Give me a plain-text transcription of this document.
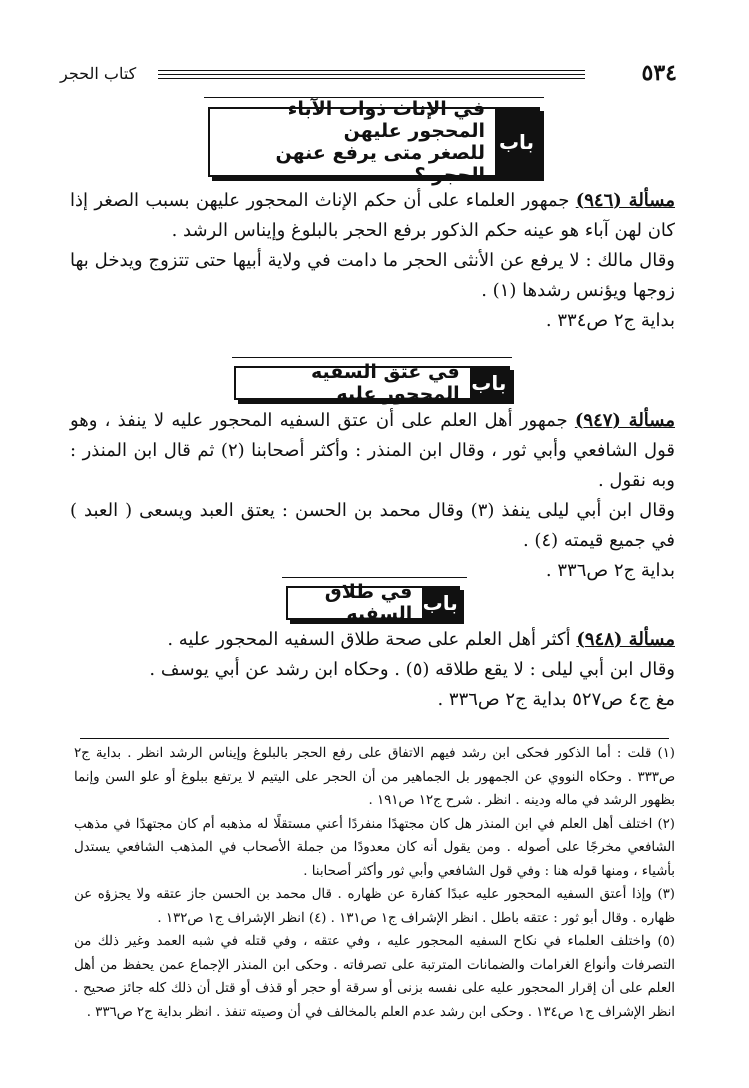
٥٣٤
كتاب الحجر
باب
في الإناث ذوات الآباء المحجور عليهن
للصغر متى يرفع عنهن الحجر ؟

مسألة (٩٤٦) جمهور العلماء على أن حكم الإناث المحجور عليهن بسبب الصغر إذا كان لهن آباء هو عينه حكم الذكور برفع الحجر بالبلوغ وإيناس الرشد .

وقال مالك : لا يرفع عن الأنثى الحجر ما دامت في ولاية أبيها حتى تتزوج ويدخل بها زوجها ويؤنس رشدها (١) .

بداية ج٢ ص٣٣٤ .

باب
في عتق السفيه المحجور عليه

مسألة (٩٤٧) جمهور أهل العلم على أن عتق السفيه المحجور عليه لا ينفذ ، وهو قول الشافعي وأبي ثور ، وقال ابن المنذر : وأكثر أصحابنا (٢) ثم قال ابن المنذر : وبه نقول .

وقال ابن أبي ليلى ينفذ (٣) وقال محمد بن الحسن : يعتق العبد ويسعى ( العبد ) في جميع قيمته (٤) .

بداية ج٢ ص٣٣٦ .

باب
في طلاق السفيه

مسألة (٩٤٨) أكثر أهل العلم على صحة طلاق السفيه المحجور عليه .

وقال ابن أبي ليلى : لا يقع طلاقه (٥) . وحكاه ابن رشد عن أبي يوسف .

مغ ج٤ ص٥٢٧ بداية ج٢ ص٣٣٦ .

(١) قلت : أما الذكور فحكى ابن رشد فيهم الاتفاق على رفع الحجر بالبلوغ وإيناس الرشد انظر . بداية ج٢ ص٣٣٣ . وحكاه النووي عن الجمهور بل الجماهير من أن الحجر على اليتيم لا يرتفع ببلوغ أو علو السن وإنما بظهور الرشد في ماله ودينه . انظر . شرح ج١٢ ص١٩١ .

(٢) اختلف أهل العلم في ابن المنذر هل كان مجتهدًا منفردًا أعني مستقلًا له مذهبه أم كان مجتهدًا في مذهب الشافعي مخرجًا على أصوله . ومن يقول أنه كان معدودًا من جملة الأصحاب في المذهب الشافعي يستدل بأشياء ، ومنها قوله هنا : وفي قول الشافعي وأبي ثور وأكثر أصحابنا .

(٣) وإذا أعتق السفيه المحجور عليه عبدًا كفارة عن ظهاره . قال محمد بن الحسن جاز عتقه ولا يجزؤه عن ظهاره . وقال أبو ثور : عتقه باطل . انظر الإشراف ج١ ص١٣١ . (٤) انظر الإشراف ج١ ص١٣٢ .

(٥) واختلف العلماء في نكاح السفيه المحجور عليه ، وفي عتقه ، وفي قتله في شبه العمد وغير ذلك من التصرفات وأنواع الغرامات والضمانات المترتبة على تصرفاته . وحكى ابن المنذر الإجماع عمن يحفظ من أهل العلم على أن إقرار المحجور عليه على نفسه بزنى أو سرقة أو حجر أو قذف أو قتل أن ذلك كله جائز صحيح . انظر الإشراف ج١ ص١٣٤ . وحكى ابن رشد عدم العلم بالمخالف في أن وصيته تنفذ . انظر بداية ج٢ ص٣٣٦ .
